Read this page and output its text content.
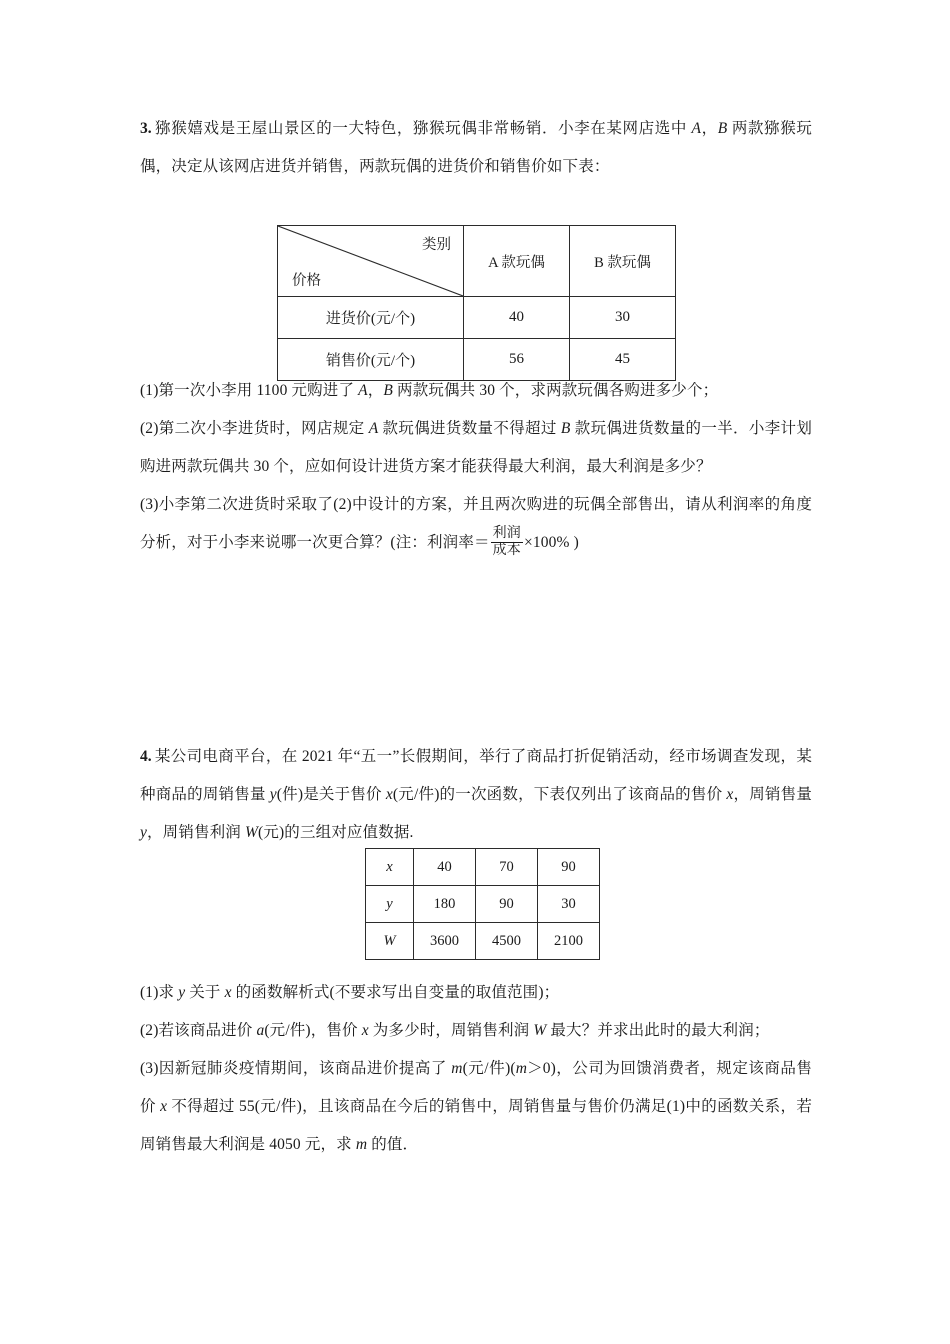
3. 猕猴嬉戏是王屋山景区的一大特色，猕猴玩偶非常畅销．小李在某网店选中 A，B 两款猕猴玩偶，决定从该网店进货并销售，两款玩偶的进货价和销售价如下表：

类别
价格	A 款玩偶	B 款玩偶
进货价(元/个)	40	30
销售价(元/个)	56	45

(1)第一次小李用 1100 元购进了 A，B 两款玩偶共 30 个，求两款玩偶各购进多少个；

(2)第二次小李进货时，网店规定 A 款玩偶进货数量不得超过 B 款玩偶进货数量的一半．小李计划购进两款玩偶共 30 个，应如何设计进货方案才能获得最大利润，最大利润是多少？

(3)小李第二次进货时采取了(2)中设计的方案，并且两次购进的玩偶全部售出，请从利润率的角度分析，对于小李来说哪一次更合算？(注：利润率＝ $\frac{\text{利润}}{\text{成本}} \times 100\%$ )

4. 某公司电商平台，在 2021 年“五一”长假期间，举行了商品打折促销活动，经市场调查发现，某种商品的周销售量 y(件)是关于售价 x(元/件)的一次函数，下表仅列出了该商品的售价 x，周销售量 y，周销售利润 W(元)的三组对应值数据.

x	40	70	90
y	180	90	30
W	3600	4500	2100

(1)求 y 关于 x 的函数解析式(不要求写出自变量的取值范围)；

(2)若该商品进价 a(元/件)，售价 x 为多少时，周销售利润 W 最大？并求出此时的最大利润；

(3)因新冠肺炎疫情期间，该商品进价提高了 m(元/件)(m＞0)，公司为回馈消费者，规定该商品售价 x 不得超过 55(元/件)，且该商品在今后的销售中，周销售量与售价仍满足(1)中的函数关系，若周销售最大利润是 4050 元，求 m 的值．
